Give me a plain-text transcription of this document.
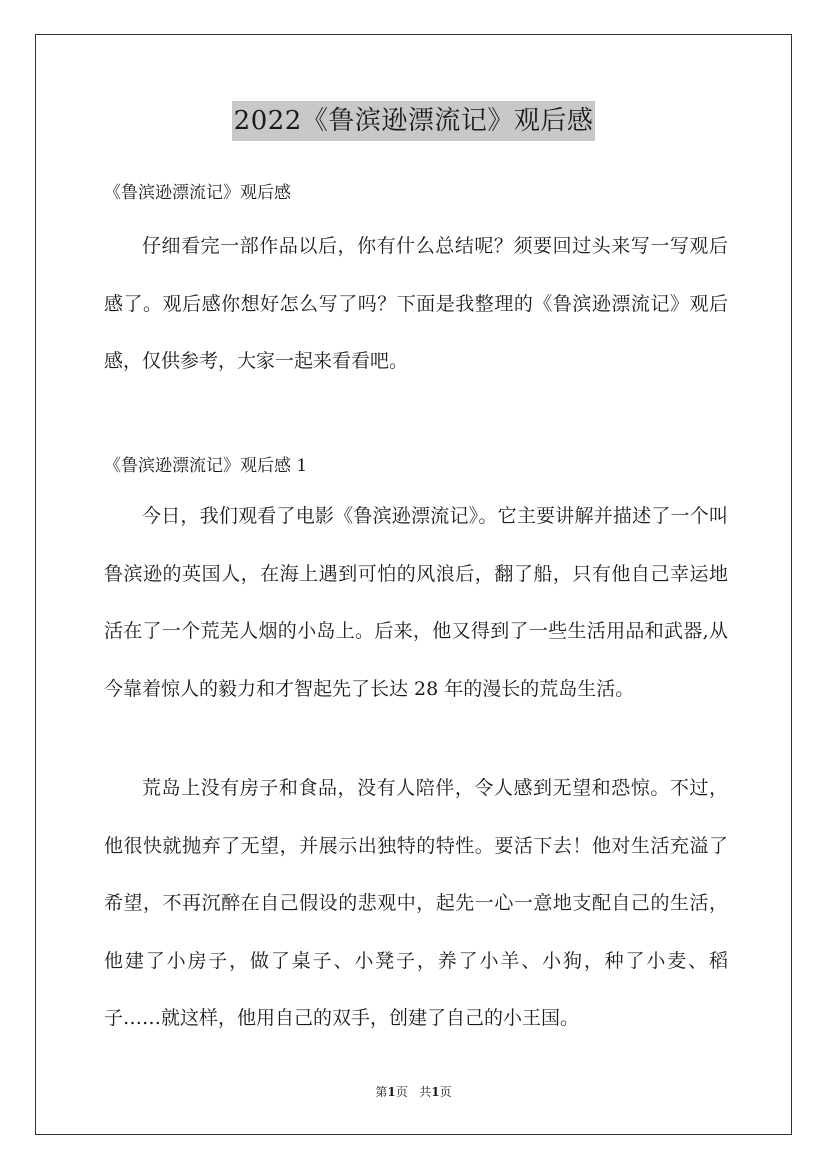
2022《鲁滨逊漂流记》观后感
《鲁滨逊漂流记》观后感

仔细看完一部作品以后，你有什么总结呢？须要回过头来写一写观后感了。观后感你想好怎么写了吗？下面是我整理的《鲁滨逊漂流记》观后感，仅供参考，大家一起来看看吧。

《鲁滨逊漂流记》观后感 1

今日，我们观看了电影《鲁滨逊漂流记》。它主要讲解并描述了一个叫鲁滨逊的英国人，在海上遇到可怕的风浪后，翻了船，只有他自己幸运地活在了一个荒芜人烟的小岛上。后来，他又得到了一些生活用品和武器,从今靠着惊人的毅力和才智起先了长达 28 年的漫长的荒岛生活。

荒岛上没有房子和食品，没有人陪伴，令人感到无望和恐惊。不过，他很快就抛弃了无望，并展示出独特的特性。要活下去！他对生活充溢了希望，不再沉醉在自己假设的悲观中，起先一心一意地支配自己的生活，他建了小房子，做了桌子、小凳子，养了小羊、小狗，种了小麦、稻子……就这样，他用自己的双手，创建了自己的小王国。

第1页 共1页
